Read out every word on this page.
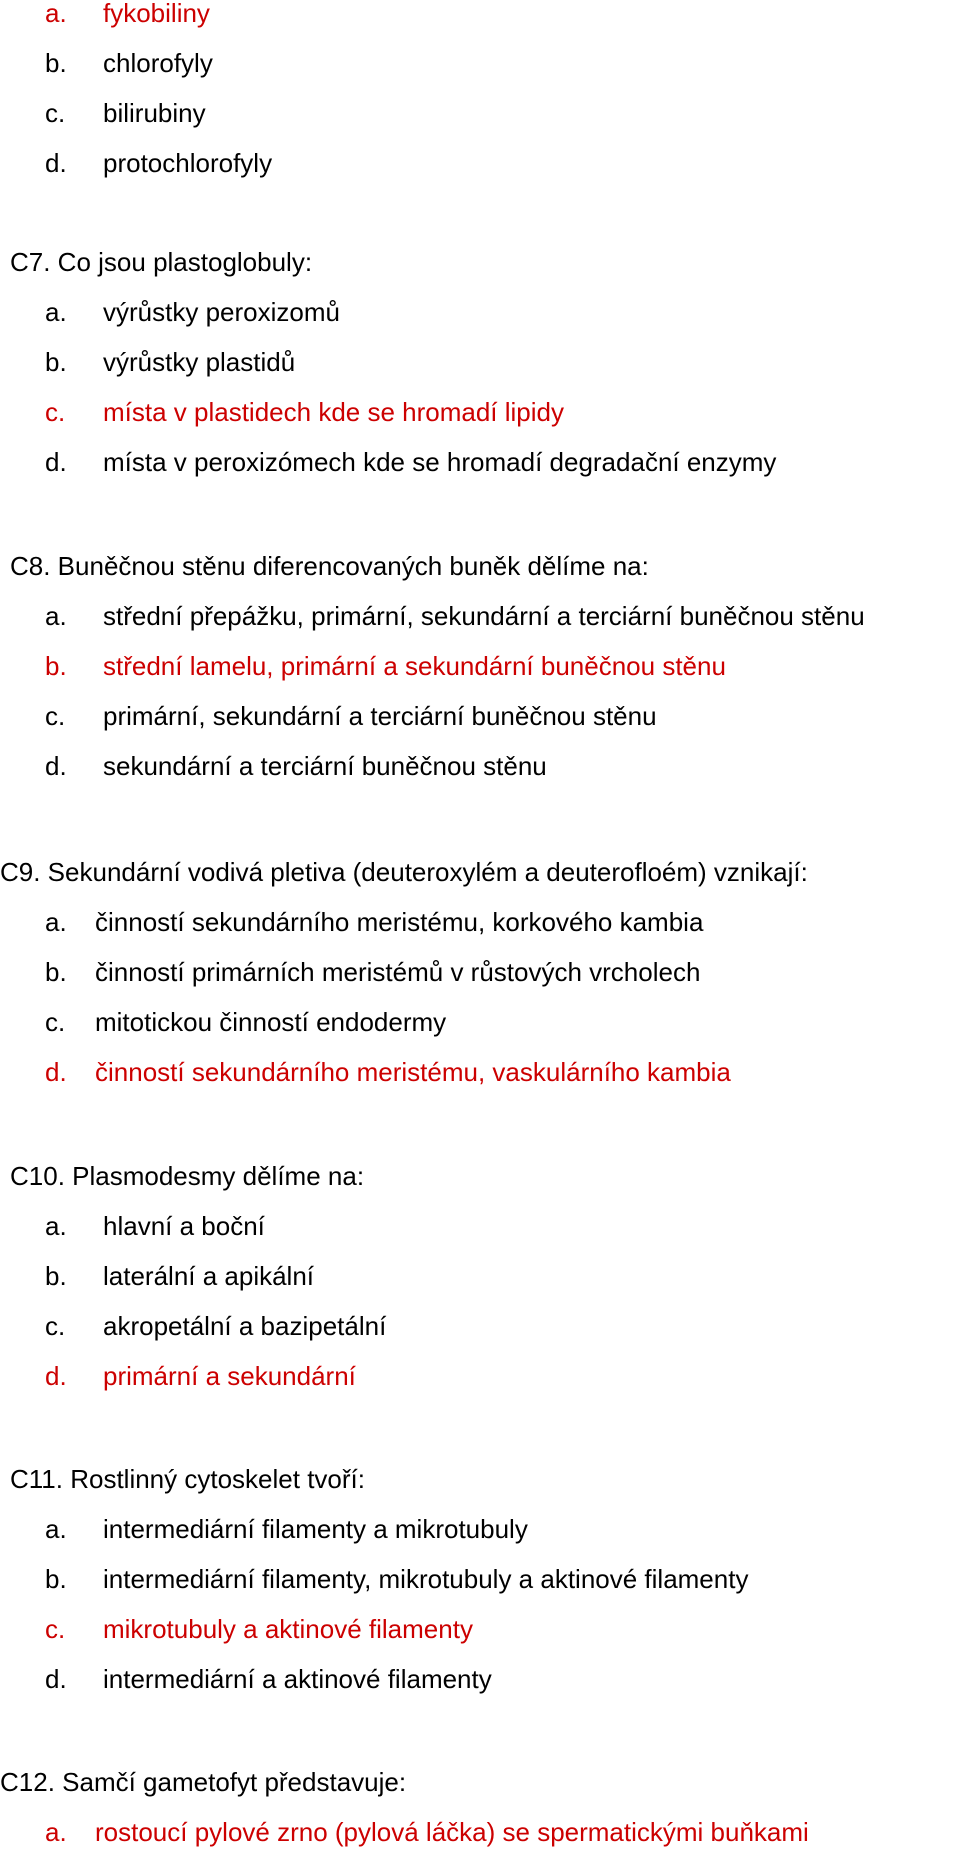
a. fykobiliny
b. chlorofyly
c. bilirubiny
d. protochlorofyly
C7. Co jsou plastoglobuly:
a. výrůstky peroxizomů
b. výrůstky plastidů
c. místa v plastidech kde se hromadí lipidy
d. místa v peroxizómech kde se hromadí degradační enzymy
C8. Buněčnou stěnu diferencovaných buněk dělíme na:
a. střední přepážku, primární, sekundární a terciární buněčnou stěnu
b. střední lamelu, primární a sekundární buněčnou stěnu
c. primární, sekundární a terciární buněčnou stěnu
d. sekundární a terciární buněčnou stěnu
C9. Sekundární vodivá pletiva (deuteroxylém a deuterofloém) vznikají:
a. činností sekundárního meristému, korkového kambia
b. činností primárních meristémů v růstových vrcholech
c. mitotickou činností endodermy
d. činností sekundárního meristému, vaskulárního kambia
C10. Plasmodesmy dělíme na:
a. hlavní a boční
b. laterální a apikální
c. akropetální a bazipetální
d. primární a sekundární
C11. Rostlinný cytoskelet tvoří:
a. intermediární filamenty a mikrotubuly
b. intermediární filamenty, mikrotubuly a aktinové filamenty
c. mikrotubuly a aktinové filamenty
d. intermediární a aktinové filamenty
C12. Samčí gametofyt představuje:
a. rostoucí pylové zrno (pylová láčka) se spermatickými buňkami
